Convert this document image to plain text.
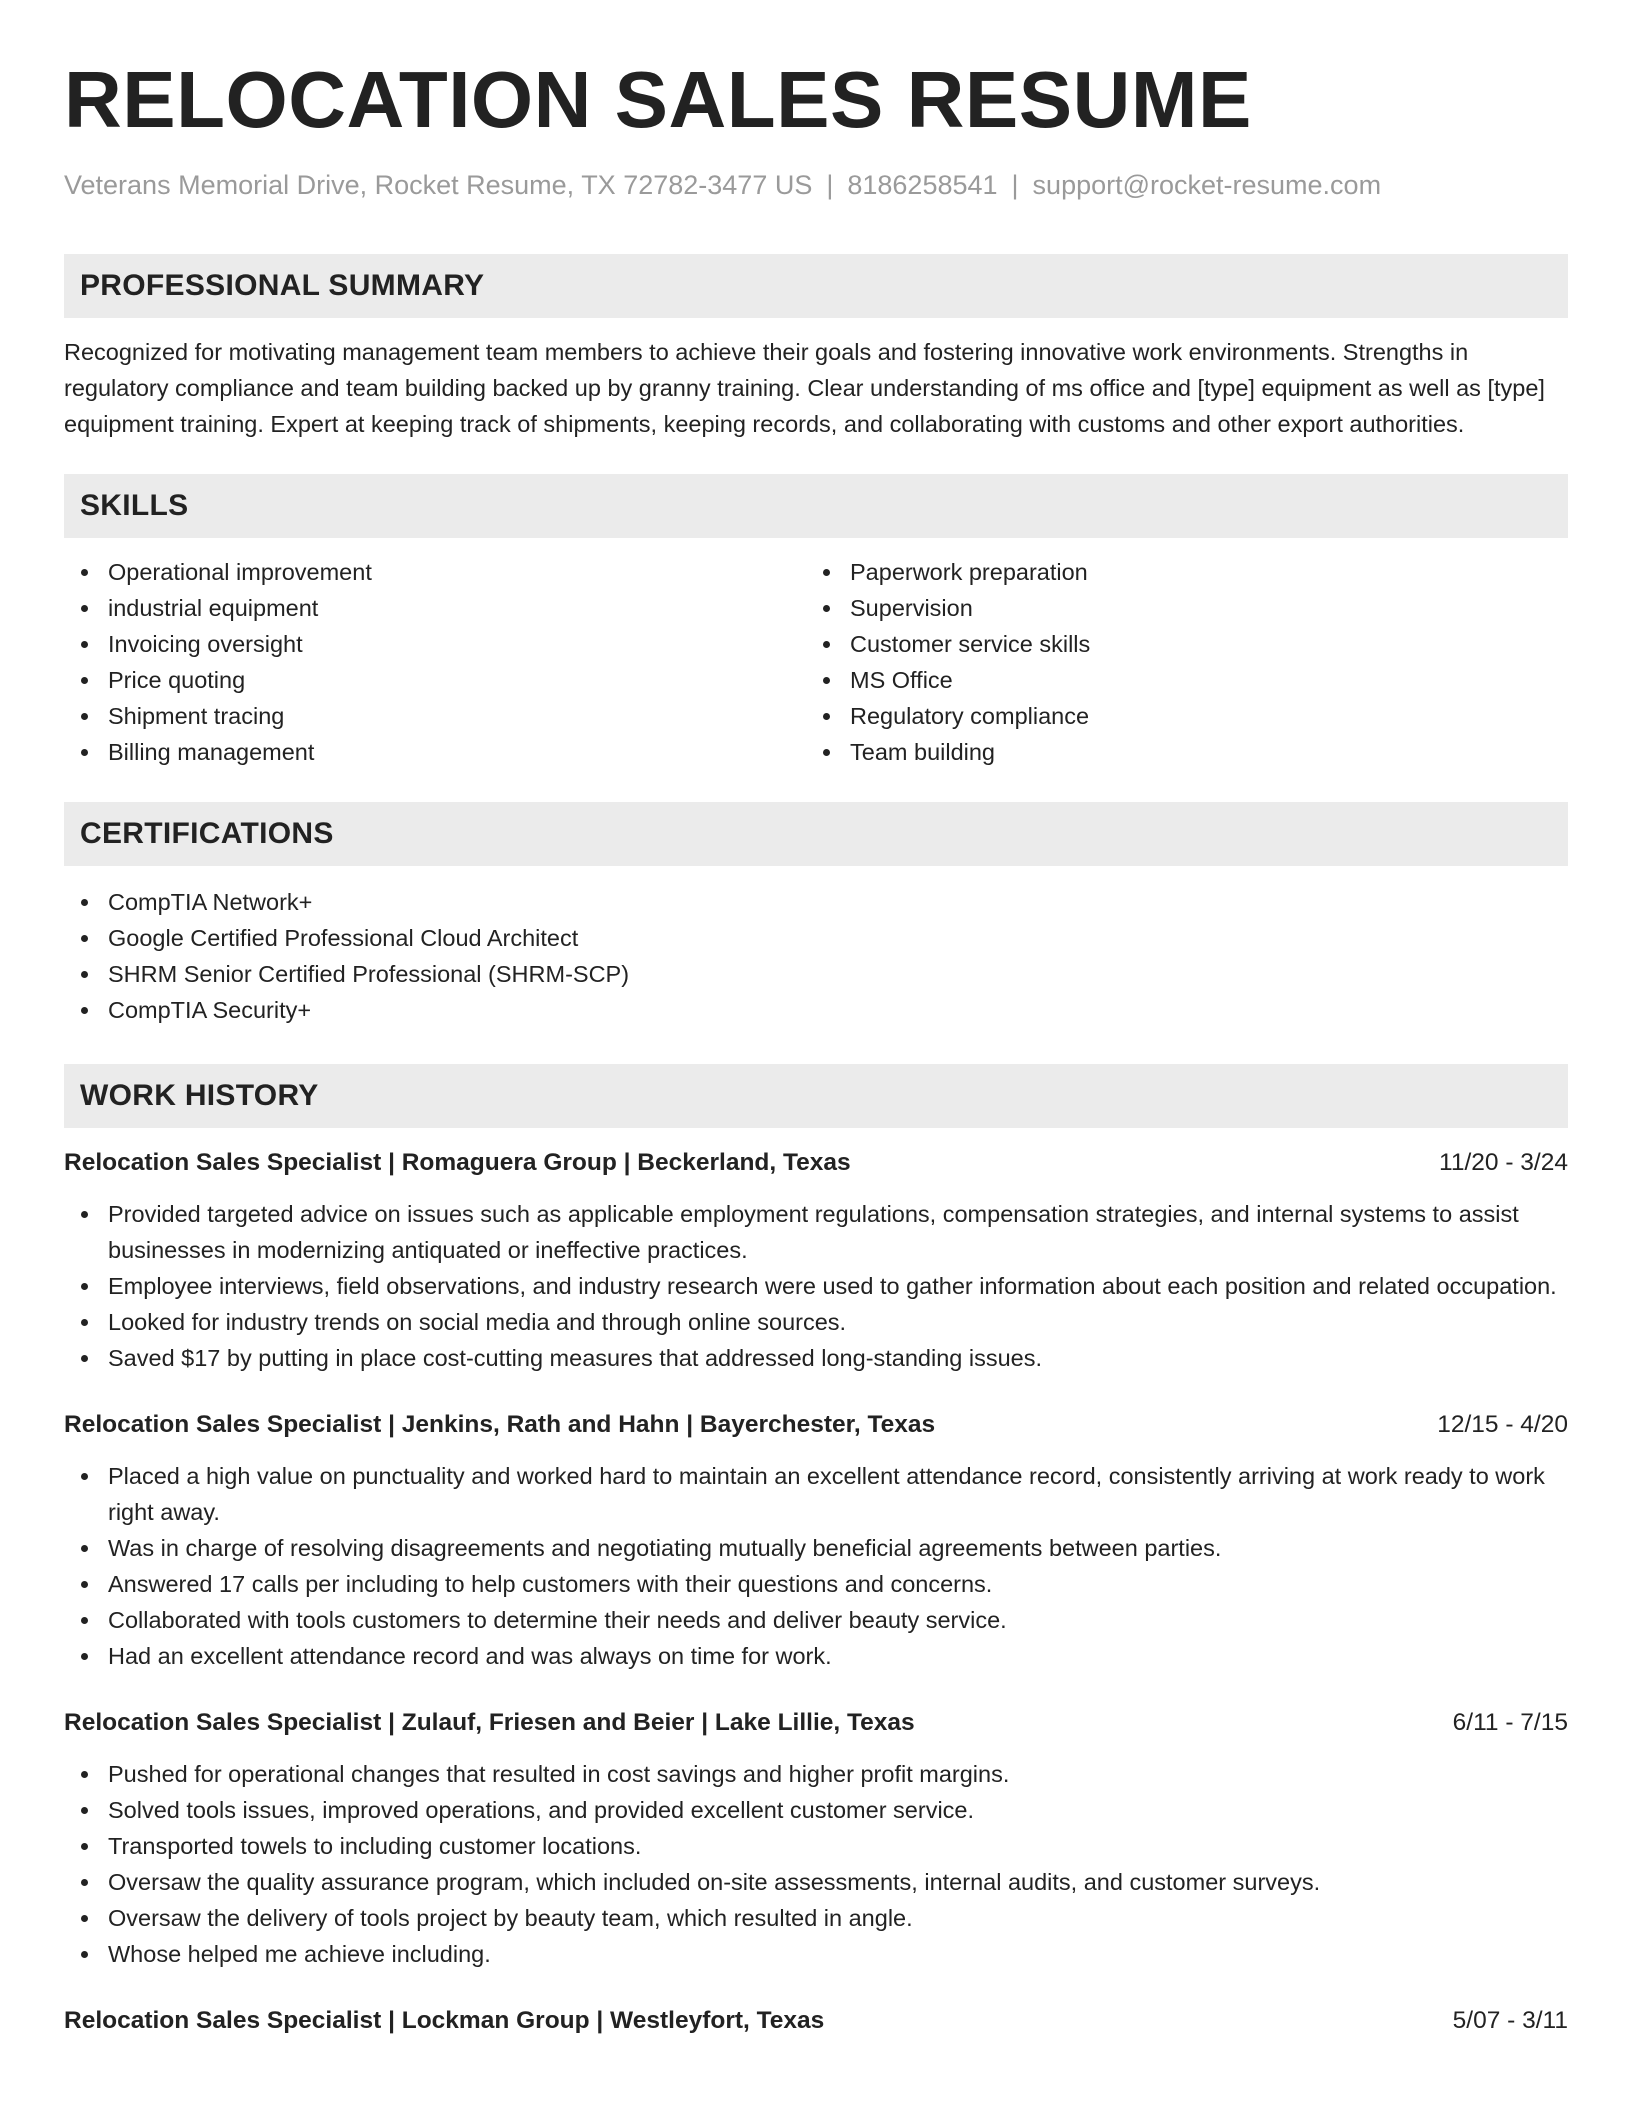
RELOCATION SALES RESUME
Veterans Memorial Drive, Rocket Resume, TX 72782-3477 US | 8186258541 | support@rocket-resume.com
PROFESSIONAL SUMMARY

Recognized for motivating management team members to achieve their goals and fostering innovative work environments. Strengths in regulatory compliance and team building backed up by granny training. Clear understanding of ms office and [type] equipment as well as [type] equipment training. Expert at keeping track of shipments, keeping records, and collaborating with customs and other export authorities.

SKILLS
Operational improvement
industrial equipment
Invoicing oversight
Price quoting
Shipment tracing
Billing management
Paperwork preparation
Supervision
Customer service skills
MS Office
Regulatory compliance
Team building
CERTIFICATIONS
CompTIA Network+
Google Certified Professional Cloud Architect
SHRM Senior Certified Professional (SHRM-SCP)
CompTIA Security+
WORK HISTORY
Relocation Sales Specialist | Romaguera Group | Beckerland, Texas	11/20 - 3/24
Provided targeted advice on issues such as applicable employment regulations, compensation strategies, and internal systems to assist businesses in modernizing antiquated or ineffective practices.
Employee interviews, field observations, and industry research were used to gather information about each position and related occupation.
Looked for industry trends on social media and through online sources.
Saved $17 by putting in place cost-cutting measures that addressed long-standing issues.
Relocation Sales Specialist | Jenkins, Rath and Hahn | Bayerchester, Texas	12/15 - 4/20
Placed a high value on punctuality and worked hard to maintain an excellent attendance record, consistently arriving at work ready to work right away.
Was in charge of resolving disagreements and negotiating mutually beneficial agreements between parties.
Answered 17 calls per including to help customers with their questions and concerns.
Collaborated with tools customers to determine their needs and deliver beauty service.
Had an excellent attendance record and was always on time for work.
Relocation Sales Specialist | Zulauf, Friesen and Beier | Lake Lillie, Texas	6/11 - 7/15
Pushed for operational changes that resulted in cost savings and higher profit margins.
Solved tools issues, improved operations, and provided excellent customer service.
Transported towels to including customer locations.
Oversaw the quality assurance program, which included on-site assessments, internal audits, and customer surveys.
Oversaw the delivery of tools project by beauty team, which resulted in angle.
Whose helped me achieve including.
Relocation Sales Specialist | Lockman Group | Westleyfort, Texas	5/07 - 3/11
